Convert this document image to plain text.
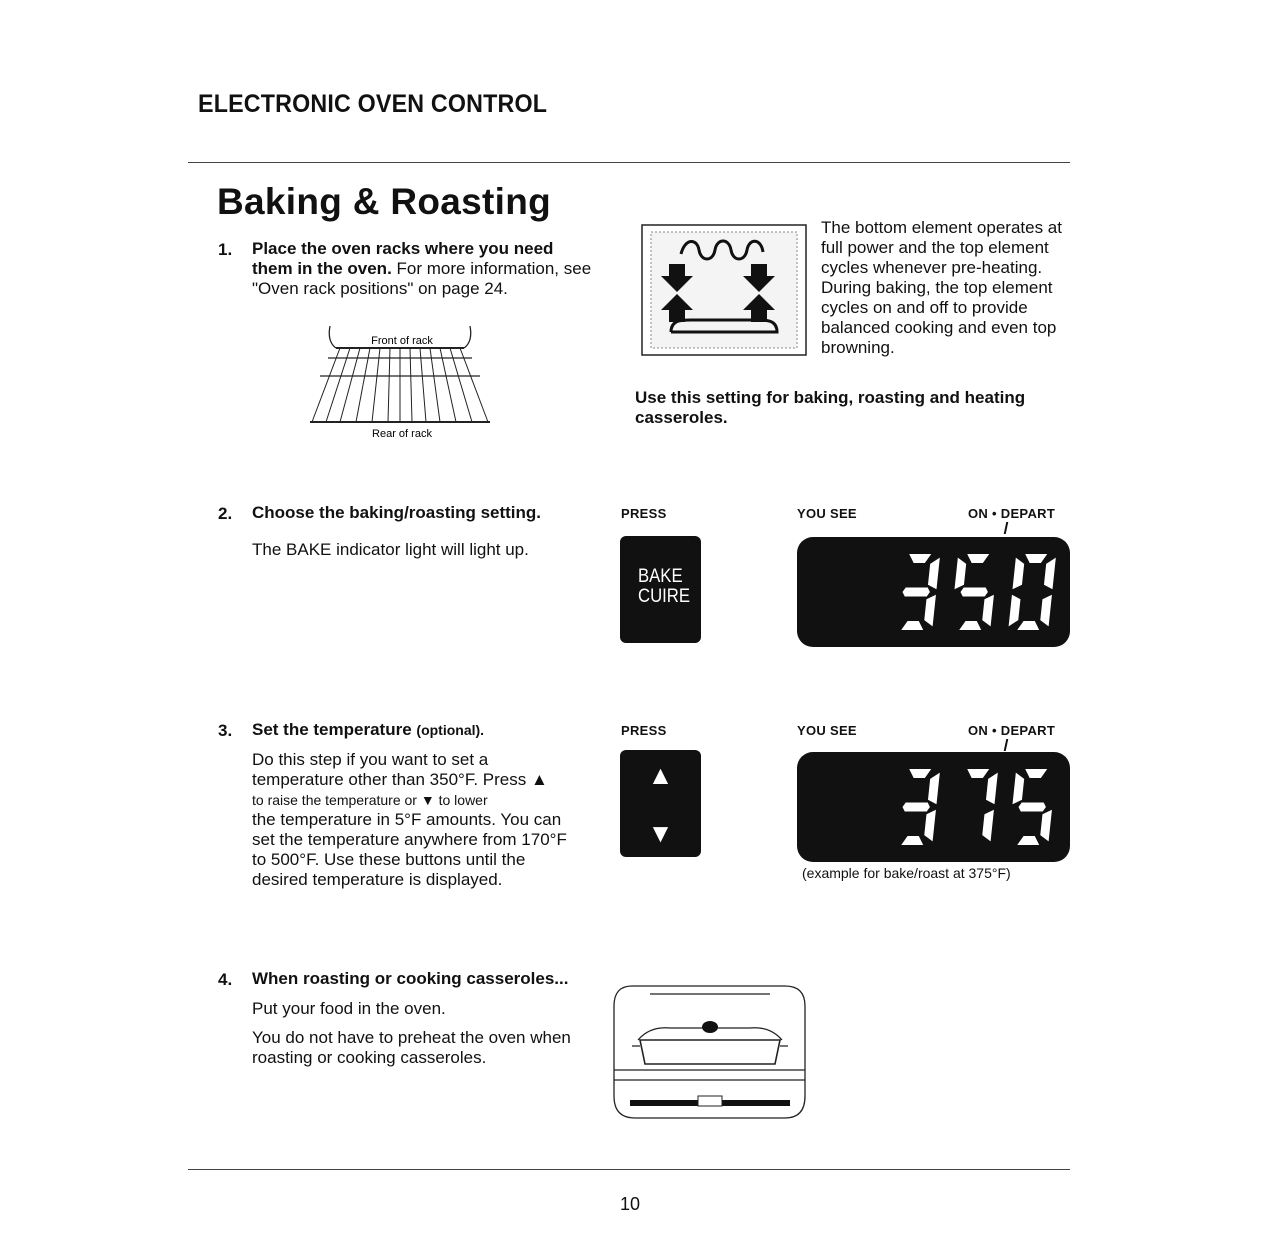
ELECTRONIC OVEN CONTROL
Baking & Roasting
1. Place the oven racks where you need them in the oven. For more information, see "Oven rack positions" on page 24.
Front of rack
Rear of rack
The bottom element operates at full power and the top element cycles whenever pre-heating. During baking, the top element cycles on and off to provide balanced cooking and even top browning.
Use this setting for baking, roasting and heating casseroles.
2. Choose the baking/roasting setting.
The BAKE indicator light will light up.
PRESS	YOU SEE	ON • DEPART
BAKE
CUIRE
3. Set the temperature (optional).
Do this step if you want to set a temperature other than 350°F. Press ▲
to raise the temperature or ▼ to lower
the temperature in 5°F amounts. You can set the temperature anywhere from 170°F to 500°F. Use these buttons until the desired temperature is displayed.
PRESS	YOU SEE	ON • DEPART
▲
▼
(example for bake/roast at 375°F)
4. When roasting or cooking casseroles...
Put your food in the oven.
You do not have to preheat the oven when roasting or cooking casseroles.
10
